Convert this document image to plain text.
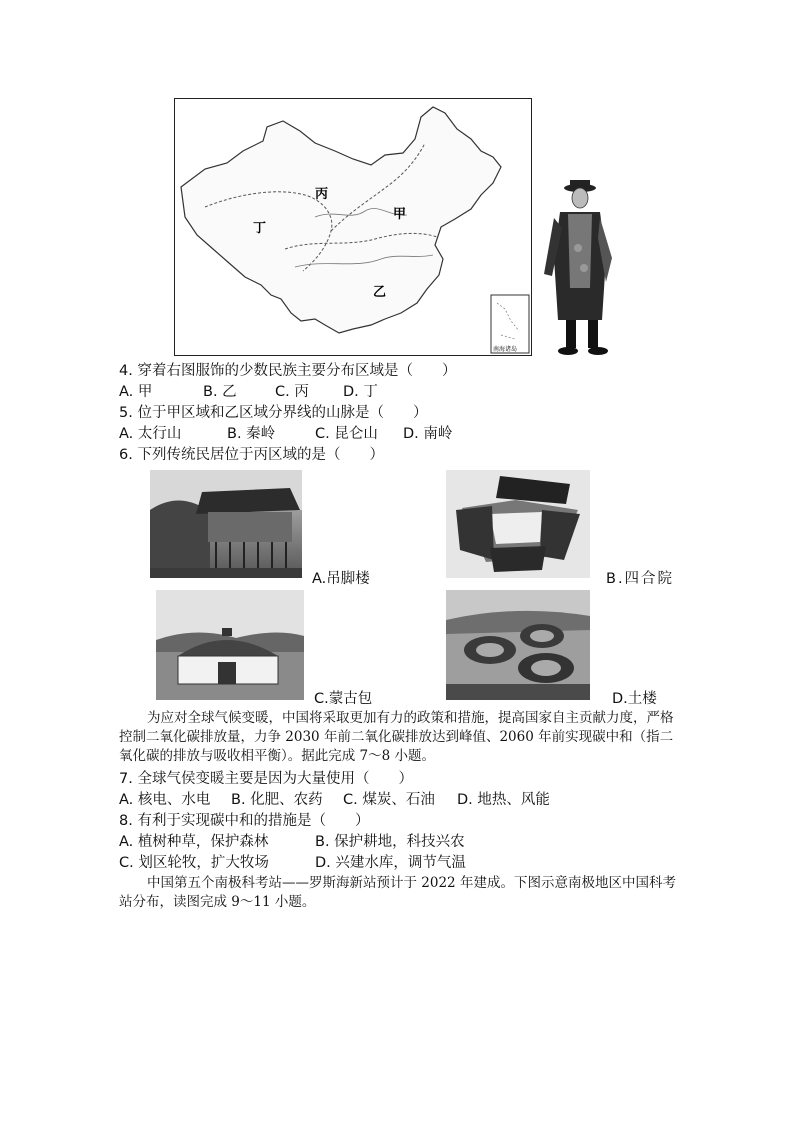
丙
甲
丁
乙
南海诸岛
4. 穿着右图服饰的少数民族主要分布区域是（　　）
A. 甲	B. 乙	C. 丙 D. 丁
5. 位于甲区域和乙区域分界线的山脉是（　　）
A. 太行山	B. 秦岭	C. 昆仑山 D. 南岭
6. 下列传统民居位于丙区域的是（　　）
A.吊脚楼	B.四合院
C.蒙古包	D.土楼

为应对全球气候变暖，中国将采取更加有力的政策和措施，提高国家自主贡献力度，严格控制二氧化碳排放量，力争 2030 年前二氧化碳排放达到峰值、2060 年前实现碳中和（指二氧化碳的排放与吸收相平衡）。据此完成 7～8 小题。

7. 全球气侯变暖主要是因为大量使用（　　）
A. 核电、水电 B. 化肥、农药 C. 煤炭、石油 D. 地热、风能
8. 有利于实现碳中和的措施是（　　）
A. 植树种草，保护森林	B. 保护耕地，科技兴农
C. 划区轮牧，扩大牧场	D. 兴建水库，调节气温

中国第五个南极科考站——罗斯海新站预计于 2022 年建成。下图示意南极地区中国科考站分布，读图完成 9～11 小题。
